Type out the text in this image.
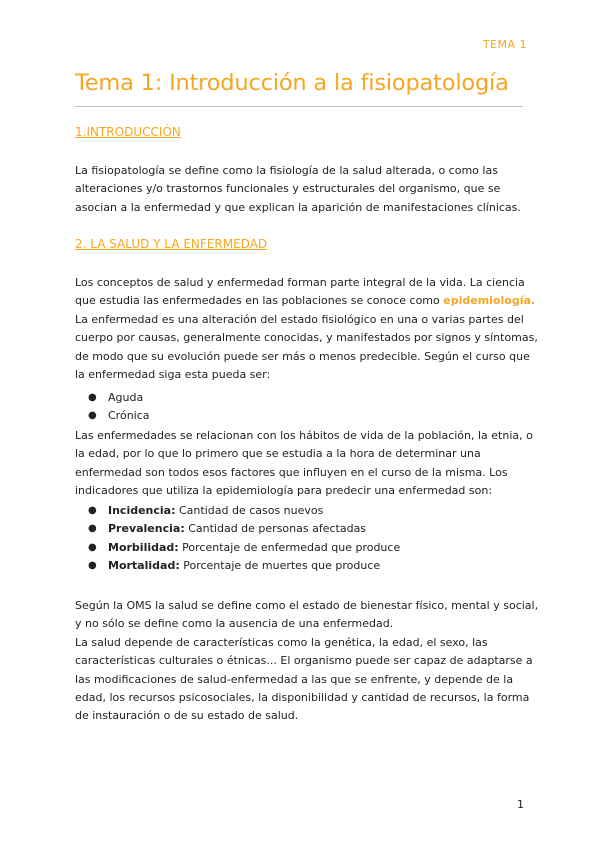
TEMA 1
Tema 1: Introducción a la fisiopatología
1.INTRODUCCIÓN

La fisiopatología se define como la fisiología de la salud alterada, o como las
alteraciones y/o trastornos funcionales y estructurales del organismo, que se
asocian a la enfermedad y que explican la aparición de manifestaciones clínicas.

2. LA SALUD Y LA ENFERMEDAD

Los conceptos de salud y enfermedad forman parte integral de la vida. La ciencia
que estudia las enfermedades en las poblaciones se conoce como epidemiología.
La enfermedad es una alteración del estado fisiológico en una o varias partes del
cuerpo por causas, generalmente conocidas, y manifestados por signos y síntomas,
de modo que su evolución puede ser más o menos predecible. Según el curso que
la enfermedad siga esta pueda ser:

● Aguda
● Crónica

Las enfermedades se relacionan con los hábitos de vida de la población, la etnia, o
la edad, por lo que lo primero que se estudia a la hora de determinar una
enfermedad son todos esos factores que influyen en el curso de la misma. Los
indicadores que utiliza la epidemiología para predecir una enfermedad son:

● Incidencia: Cantidad de casos nuevos
● Prevalencia: Cantidad de personas afectadas
● Morbilidad: Porcentaje de enfermedad que produce
● Mortalidad: Porcentaje de muertes que produce

Según la OMS la salud se define como el estado de bienestar físico, mental y social,
y no sólo se define como la ausencia de una enfermedad.
La salud depende de características como la genética, la edad, el sexo, las
características culturales o étnicas... El organismo puede ser capaz de adaptarse a
las modificaciones de salud-enfermedad a las que se enfrente, y depende de la
edad, los recursos psicosociales, la disponibilidad y cantidad de recursos, la forma
de instauración o de su estado de salud.

1
